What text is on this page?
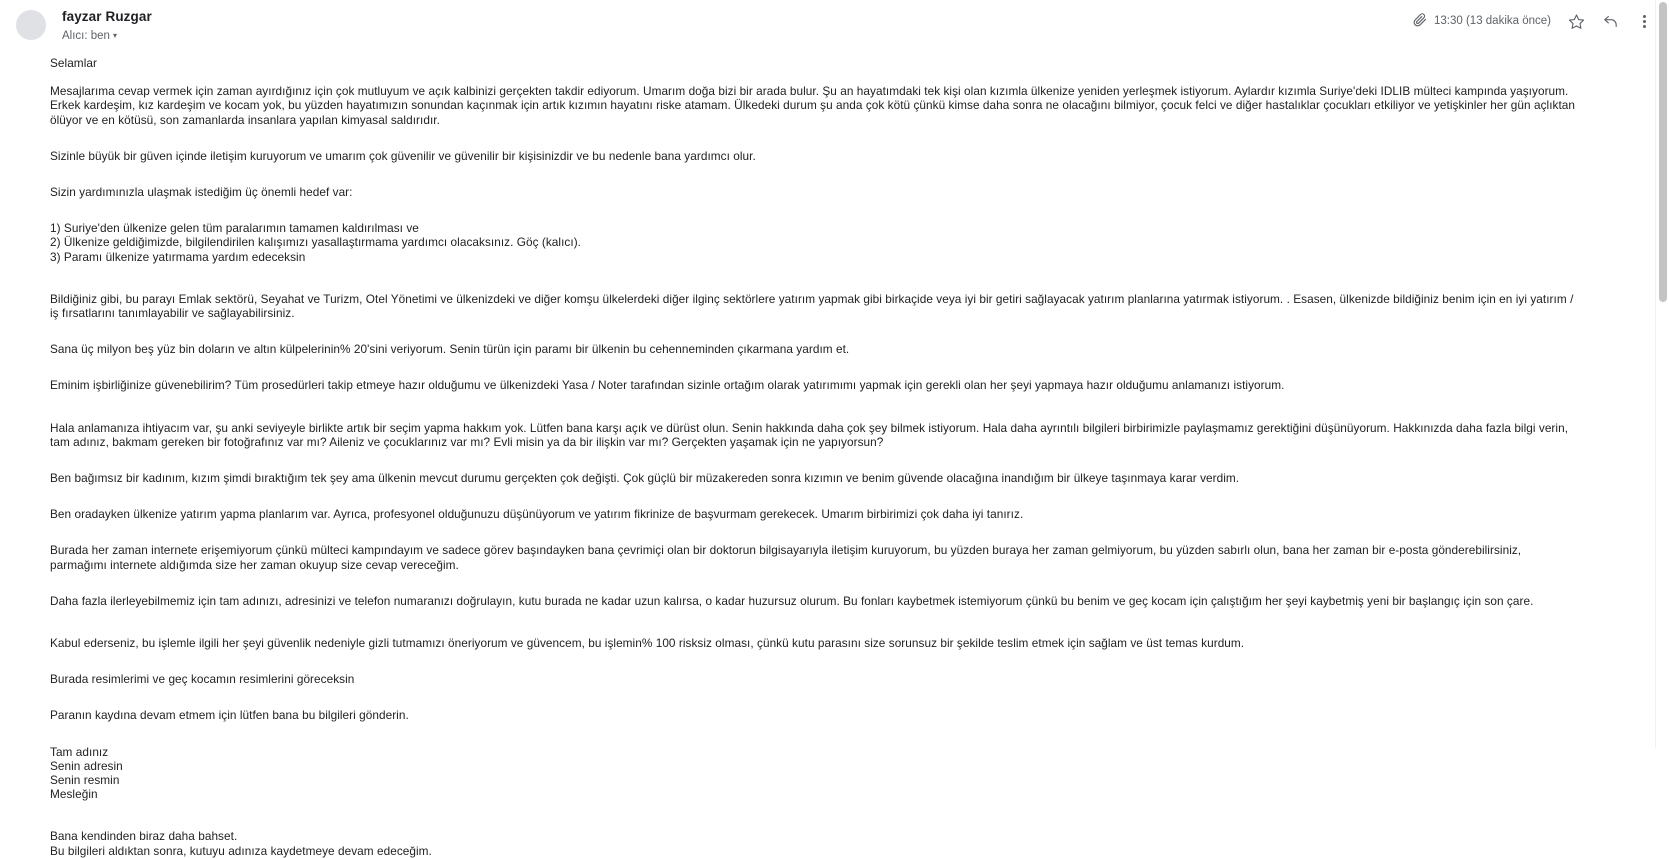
fayzar Ruzgar
Alıcı: ben ▾
13:30 (13 dakika önce)

Selamlar

Mesajlarıma cevap vermek için zaman ayırdığınız için çok mutluyum ve açık kalbinizi gerçekten takdir ediyorum. Umarım doğa bizi bir arada bulur. Şu an hayatımdaki tek kişi olan kızımla ülkenize yeniden yerleşmek istiyorum. Aylardır kızımla Suriye'deki IDLIB mülteci kampında yaşıyorum. Erkek kardeşim, kız kardeşim ve kocam yok, bu yüzden hayatımızın sonundan kaçınmak için artık kızımın hayatını riske atamam. Ülkedeki durum şu anda çok kötü çünkü kimse daha sonra ne olacağını bilmiyor, çocuk felci ve diğer hastalıklar çocukları etkiliyor ve yetişkinler her gün açlıktan ölüyor ve en kötüsü, son zamanlarda insanlara yapılan kimyasal saldırıdır.

Sizinle büyük bir güven içinde iletişim kuruyorum ve umarım çok güvenilir ve güvenilir bir kişisinizdir ve bu nedenle bana yardımcı olur.

Sizin yardımınızla ulaşmak istediğim üç önemli hedef var:

1) Suriye'den ülkenize gelen tüm paralarımın tamamen kaldırılması ve

2) Ülkenize geldiğimizde, bilgilendirilen kalışımızı yasallaştırmama yardımcı olacaksınız. Göç (kalıcı).

3) Paramı ülkenize yatırmama yardım edeceksin

Bildiğiniz gibi, bu parayı Emlak sektörü, Seyahat ve Turizm, Otel Yönetimi ve ülkenizdeki ve diğer komşu ülkelerdeki diğer ilginç sektörlere yatırım yapmak gibi birkaçide veya iyi bir getiri sağlayacak yatırım planlarına yatırmak istiyorum. . Esasen, ülkenizde bildiğiniz benim için en iyi yatırım / iş fırsatlarını tanımlayabilir ve sağlayabilirsiniz.

Sana üç milyon beş yüz bin doların ve altın külpelerinin% 20'sini veriyorum. Senin türün için paramı bir ülkenin bu cehenneminden çıkarmana yardım et.

Eminim işbirliğinize güvenebilirim? Tüm prosedürleri takip etmeye hazır olduğumu ve ülkenizdeki Yasa / Noter tarafından sizinle ortağım olarak yatırımımı yapmak için gerekli olan her şeyi yapmaya hazır olduğumu anlamanızı istiyorum.

Hala anlamanıza ihtiyacım var, şu anki seviyeyle birlikte artık bir seçim yapma hakkım yok. Lütfen bana karşı açık ve dürüst olun. Senin hakkında daha çok şey bilmek istiyorum. Hala daha ayrıntılı bilgileri birbirimizle paylaşmamız gerektiğini düşünüyorum. Hakkınızda daha fazla bilgi verin, tam adınız, bakmam gereken bir fotoğrafınız var mı? Aileniz ve çocuklarınız var mı? Evli misin ya da bir ilişkin var mı? Gerçekten yaşamak için ne yapıyorsun?

Ben bağımsız bir kadınım, kızım şimdi bıraktığım tek şey ama ülkenin mevcut durumu gerçekten çok değişti. Çok güçlü bir müzakereden sonra kızımın ve benim güvende olacağına inandığım bir ülkeye taşınmaya karar verdim.

Ben oradayken ülkenize yatırım yapma planlarım var. Ayrıca, profesyonel olduğunuzu düşünüyorum ve yatırım fikrinize de başvurmam gerekecek. Umarım birbirimizi çok daha iyi tanırız.

Burada her zaman internete erişemiyorum çünkü mülteci kampındayım ve sadece görev başındayken bana çevrimiçi olan bir doktorun bilgisayarıyla iletişim kuruyorum, bu yüzden buraya her zaman gelmiyorum, bu yüzden sabırlı olun, bana her zaman bir e-posta gönderebilirsiniz, parmağımı internete aldığımda size her zaman okuyup size cevap vereceğim.

Daha fazla ilerleyebilmemiz için tam adınızı, adresinizi ve telefon numaranızı doğrulayın, kutu burada ne kadar uzun kalırsa, o kadar huzursuz olurum. Bu fonları kaybetmek istemiyorum çünkü bu benim ve geç kocam için çalıştığım her şeyi kaybetmiş yeni bir başlangıç için son çare.

Kabul ederseniz, bu işlemle ilgili her şeyi güvenlik nedeniyle gizli tutmamızı öneriyorum ve güvencem, bu işlemin% 100 risksiz olması, çünkü kutu parasını size sorunsuz bir şekilde teslim etmek için sağlam ve üst temas kurdum.

Burada resimlerimi ve geç kocamın resimlerini göreceksin

Paranın kaydına devam etmem için lütfen bana bu bilgileri gönderin.

Tam adınız

Senin adresin

Senin resmin

Mesleğin

Bana kendinden biraz daha bahset.

Bu bilgileri aldıktan sonra, kutuyu adınıza kaydetmeye devam edeceğim.
